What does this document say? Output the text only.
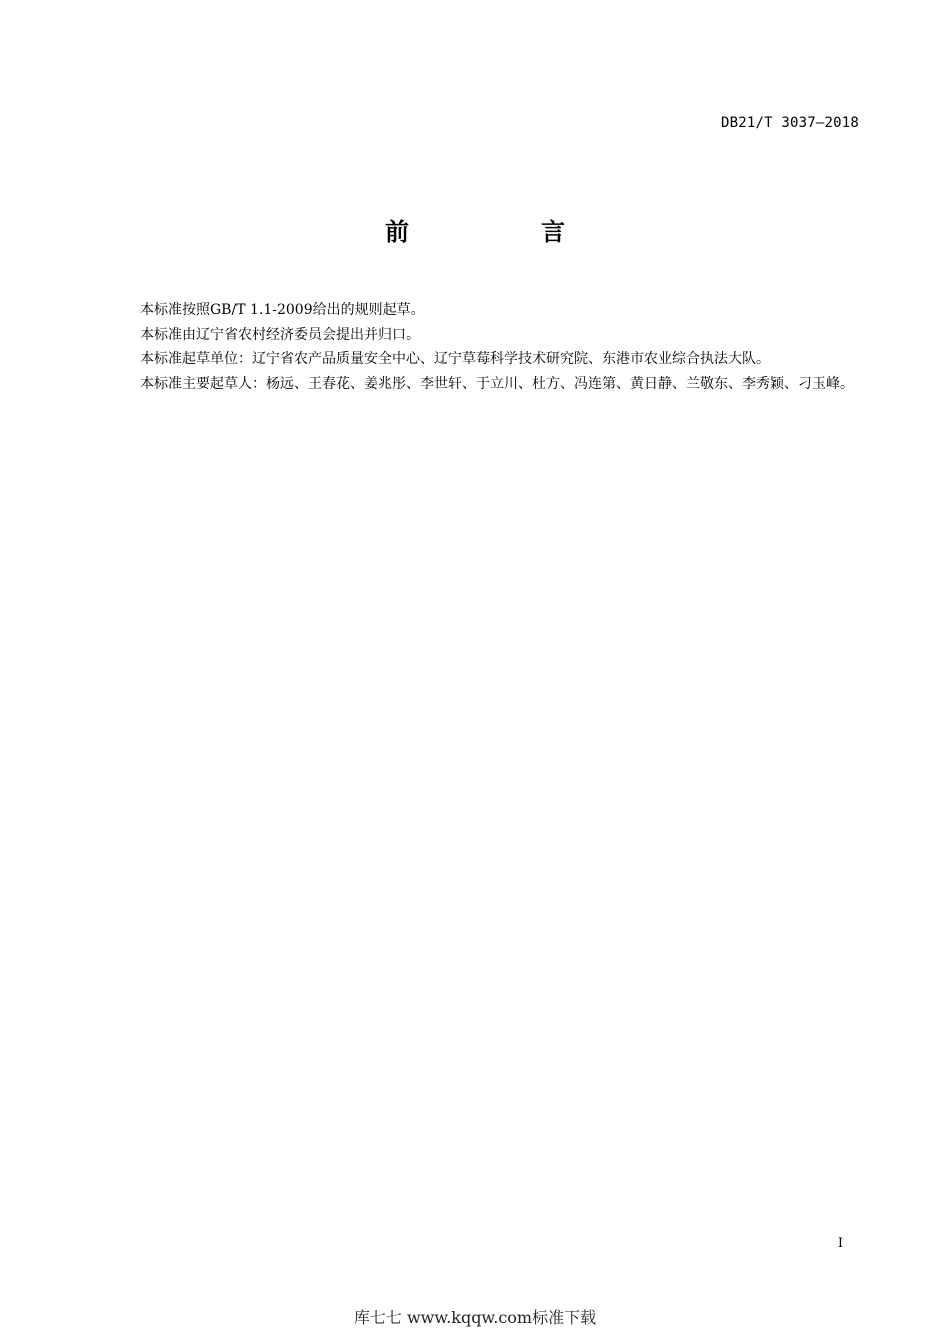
DB21/T 3037—2018
前　言

本标准按照GB/T 1.1-2009给出的规则起草。

本标准由辽宁省农村经济委员会提出并归口。

本标准起草单位：辽宁省农产品质量安全中心、辽宁草莓科学技术研究院、东港市农业综合执法大队。

本标准主要起草人：杨远、王春花、姜兆彤、李世轩、于立川、杜方、冯连第、黄日静、兰敬东、李秀颖、刁玉峰。

I
库七七 www.kqqw.com标准下载
